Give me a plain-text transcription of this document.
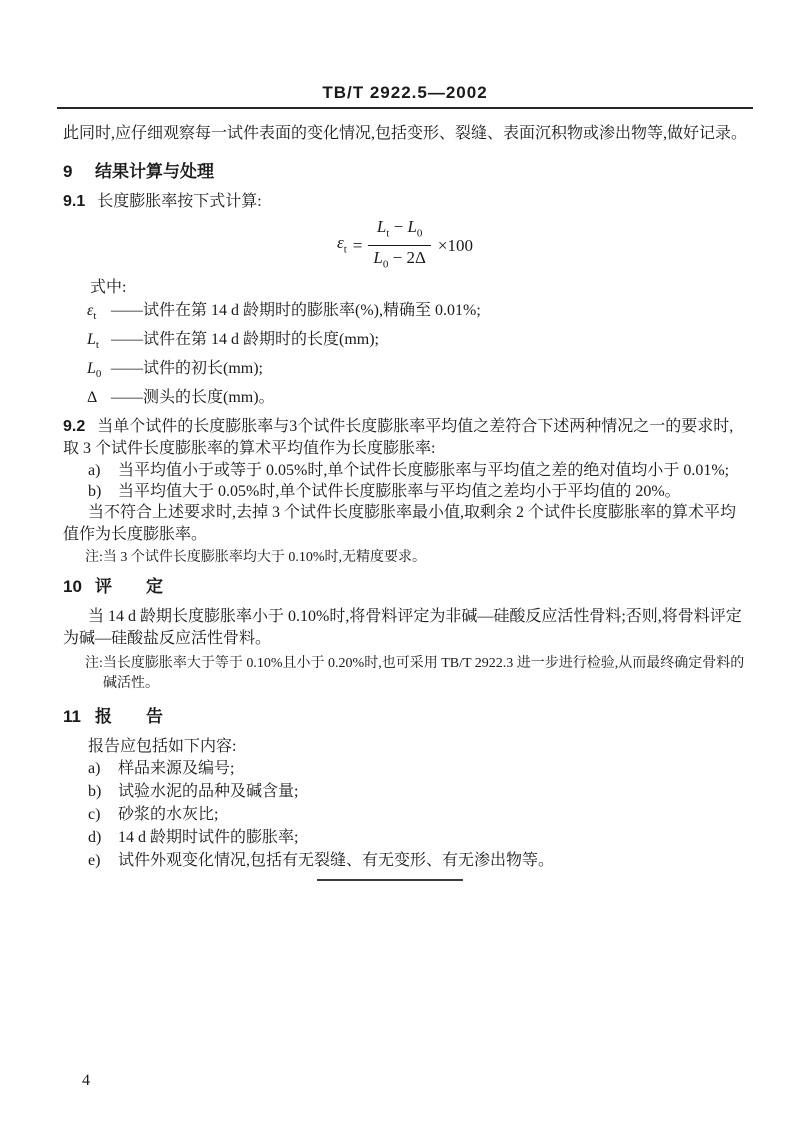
TB/T 2922.5—2002

此同时,应仔细观察每一试件表面的变化情况,包括变形、裂缝、表面沉积物或渗出物等,做好记录。

9	结果计算与处理

9.1 长度膨胀率按下式计算:

$\varepsilon_t = \frac{L_t - L_0}{L_0 - 2\Delta} \times 100$

式中:

$\varepsilon_t$ ——试件在第 14 d 龄期时的膨胀率(%),精确至 0.01%;
$L_t$ ——试件在第 14 d 龄期时的长度(mm);
$L_0$ ——试件的初长(mm);
Δ ——测头的长度(mm)。

9.2 当单个试件的长度膨胀率与3个试件长度膨胀率平均值之差符合下述两种情况之一的要求时,取 3 个试件长度膨胀率的算术平均值作为长度膨胀率:

a)	当平均值小于或等于 0.05%时,单个试件长度膨胀率与平均值之差的绝对值均小于 0.01%;
b)	当平均值大于 0.05%时,单个试件长度膨胀率与平均值之差均小于平均值的 20%。

当不符合上述要求时,去掉 3 个试件长度膨胀率最小值,取剩余 2 个试件长度膨胀率的算术平均值作为长度膨胀率。

注:当 3 个试件长度膨胀率均大于 0.10%时,无精度要求。

10 评　　定

当 14 d 龄期长度膨胀率小于 0.10%时,将骨料评定为非碱—硅酸反应活性骨料;否则,将骨料评定为碱—硅酸盐反应活性骨料。

注:当长度膨胀率大于等于 0.10%且小于 0.20%时,也可采用 TB/T 2922.3 进一步进行检验,从而最终确定骨料的碱活性。

11 报　　告

报告应包括如下内容:

a)	样品来源及编号;
b)	试验水泥的品种及碱含量;
c)	砂浆的水灰比;
d)	14 d 龄期时试件的膨胀率;
e)	试件外观变化情况,包括有无裂缝、有无变形、有无渗出物等。
4
